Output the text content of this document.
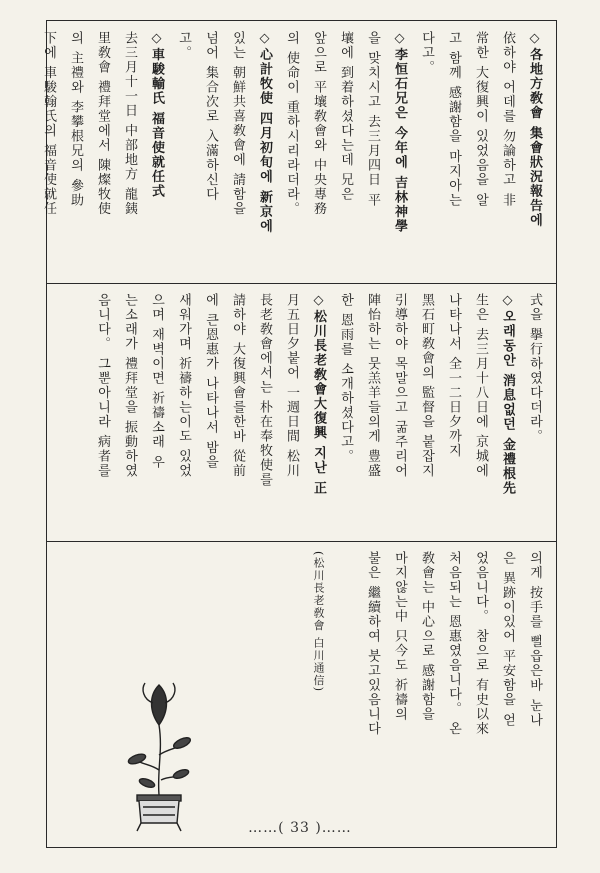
◇各地方敎會 集會狀況報告에
依하야 어데를 勿論하고 非
常한 大復興이 있었음을 알
고 함께 感謝함을 마지아는
다고。
◇李恒石兄은 今年에 吉林神學
을 맞치시고 去三月四日 平
壤에 到着하셨다는데 兄은
앞으로 平壤敎會와 中央專務
의 使命이 重하시리라더라。
◇心計牧使 四月初旬에 新京에
있는 朝鮮共喜敎會에 請함을
넘어 集合次로 入滿하신다
고。
◇車駿輸氏 福音使就任式
去三月十一日 中部地方 龍銕
里敎會 禮拜堂에서 陳燦牧使
의 主禮와 李攀根兄의 參助
下에 車駿翰氏의 福音使就任
式을 擧行하였다더라。
◇오래동안 消息없던 金禮根先
生은 去三月十八日에 京城에
나타나서 全一二日夕까지
黑石町敎會의 監督을 붙잡지
引導하야 목말으고 굶주리어
陣怡하는 뭇羔羊들의게 豊盛
한 恩雨를 소개하셨다고。
◇松川長老敎會大復興 지난 正
月五日夕붙어 一週日間 松川
長老敎會에서는 朴在奉牧使를
請하야 大復興會를한바 從前
에 큰恩惠가 나타나서 밤을
새워가며 祈禱하는이도 있었
으며 재벽이면 祈禱소래 우
는소래가 禮拜堂을 振動하였
음니다。 그뿐아니라 病者를
의게 按手를 뻘읍은바 눈나
은 異跡이있어 平安함을 얻
었음니다。 참으로 有史以來
처음되는 恩惠였음니다。 온
敎會는 中心으로 感謝함을
마지않는中 只今도 祈禱의
불은 繼續하여 붓고있음니다
(松川長老敎會 白川通信)
……( 33 )……
